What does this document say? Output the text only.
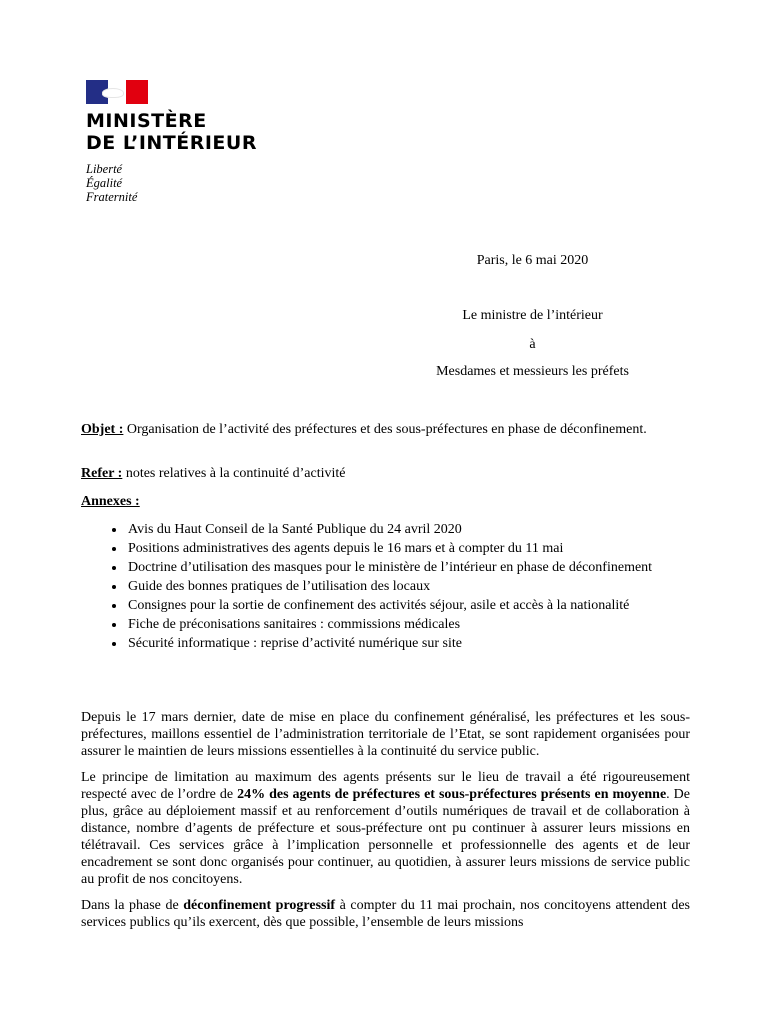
MINISTÈRE
DE L’INTÉRIEUR
Liberté
Égalité
Fraternité
Paris, le 6 mai 2020
Le ministre de l’intérieur
à
Mesdames et messieurs les préfets
Objet : Organisation de l’activité des préfectures et des sous-préfectures en phase de déconfinement.
Refer : notes relatives à la continuité d’activité
Annexes :
• Avis du Haut Conseil de la Santé Publique du 24 avril 2020
• Positions administratives des agents depuis le 16 mars et à compter du 11 mai
• Doctrine d’utilisation des masques pour le ministère de l’intérieur en phase de déconfinement
• Guide des bonnes pratiques de l’utilisation des locaux
• Consignes pour la sortie de confinement des activités séjour, asile et accès à la nationalité
• Fiche de préconisations sanitaires : commissions médicales
• Sécurité informatique : reprise d’activité numérique sur site

Depuis le 17 mars dernier, date de mise en place du confinement généralisé, les préfectures et les sous-préfectures, maillons essentiel de l’administration territoriale de l’Etat, se sont rapidement organisées pour assurer le maintien de leurs missions essentielles à la continuité du service public.

Le principe de limitation au maximum des agents présents sur le lieu de travail a été rigoureusement respecté avec de l’ordre de 24% des agents de préfectures et sous-préfectures présents en moyenne. De plus, grâce au déploiement massif et au renforcement d’outils numériques de travail et de collaboration à distance, nombre d’agents de préfecture et sous-préfecture ont pu continuer à assurer leurs missions en télétravail. Ces services grâce à l’implication personnelle et professionnelle des agents et de leur encadrement se sont donc organisés pour continuer, au quotidien, à assurer leurs missions de service public au profit de nos concitoyens.

Dans la phase de déconfinement progressif à compter du 11 mai prochain, nos concitoyens attendent des services publics qu’ils exercent, dès que possible, l’ensemble de leurs missions
